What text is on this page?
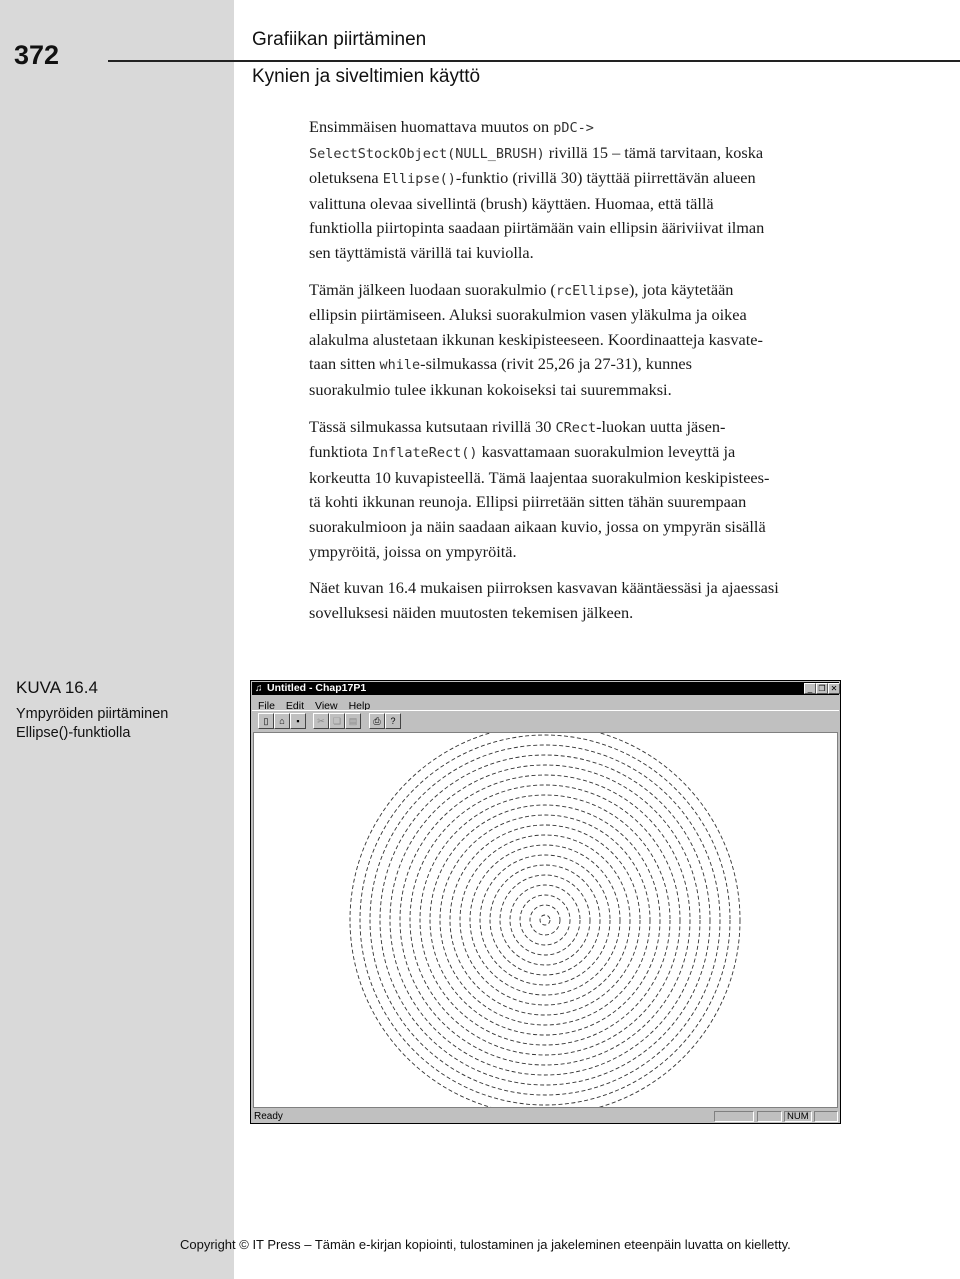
372
Grafiikan piirtäminen
Kynien ja siveltimien käyttö

Ensimmäisen huomattava muutos on pDC->

SelectStockObject(NULL_BRUSH) rivillä 15 – tämä tarvitaan, koska

oletuksena Ellipse()-funktio (rivillä 30) täyttää piirrettävän alueen

valittuna olevaa sivellintä (brush) käyttäen. Huomaa, että tällä

funktiolla piirtopinta saadaan piirtämään vain ellipsin ääriviivat ilman

sen täyttämistä värillä tai kuviolla.

Tämän jälkeen luodaan suorakulmio (rcEllipse), jota käytetään

ellipsin piirtämiseen. Aluksi suorakulmion vasen yläkulma ja oikea

alakulma alustetaan ikkunan keskipisteeseen. Koordinaatteja kasvate-

taan sitten while-silmukassa (rivit 25,26 ja 27-31), kunnes

suorakulmio tulee ikkunan kokoiseksi tai suuremmaksi.

Tässä silmukassa kutsutaan rivillä 30 CRect-luokan uutta jäsen-

funktiota InflateRect() kasvattamaan suorakulmion leveyttä ja

korkeutta 10 kuvapisteellä. Tämä laajentaa suorakulmion keskipistees-

tä kohti ikkunan reunoja. Ellipsi piirretään sitten tähän suurempaan

suorakulmioon ja näin saadaan aikaan kuvio, jossa on ympyrän sisällä

ympyröitä, joissa on ympyröitä.

Näet kuvan 16.4 mukaisen piirroksen kasvavan kääntäessäsi ja ajaessasi

sovelluksesi näiden muutosten tekemisen jälkeen.

KUVA 16.4
Ympyröiden piirtäminen
Ellipse()-funktiolla
♫ Untitled - Chap17P1	_ ❐ ✕
File Edit View Help
▯	⌂	▪	✂ ❏ ▤	⎙	?
Ready	NUM
Copyright © IT Press – Tämän e-kirjan kopiointi, tulostaminen ja jakeleminen eteenpäin luvatta on kielletty.
